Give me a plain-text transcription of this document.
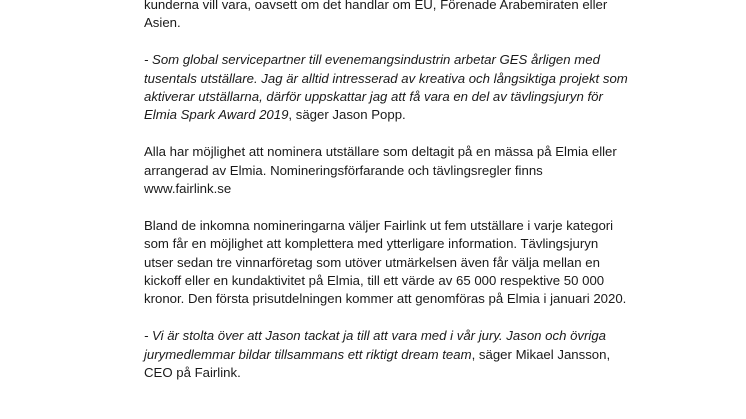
kunderna vill vara, oavsett om det handlar om EU, Förenade Arabemiraten eller
Asien.

- Som global servicepartner till evenemangsindustrin arbetar GES årligen med
tusentals utställare. Jag är alltid intresserad av kreativa och långsiktiga projekt som
aktiverar utställarna, därför uppskattar jag att få vara en del av tävlingsjuryn för
Elmia Spark Award 2019, säger Jason Popp.

Alla har möjlighet att nominera utställare som deltagit på en mässa på Elmia eller
arrangerad av Elmia. Nomineringsförfarande och tävlingsregler finns
www.fairlink.se

Bland de inkomna nomineringarna väljer Fairlink ut fem utställare i varje kategori
som får en möjlighet att komplettera med ytterligare information. Tävlingsjuryn
utser sedan tre vinnarföretag som utöver utmärkelsen även får välja mellan en
kickoff eller en kundaktivitet på Elmia, till ett värde av 65 000 respektive 50 000
kronor. Den första prisutdelningen kommer att genomföras på Elmia i januari 2020.

- Vi är stolta över att Jason tackat ja till att vara med i vår jury. Jason och övriga
jurymedlemmar bildar tillsammans ett riktigt dream team, säger Mikael Jansson,
CEO på Fairlink.
